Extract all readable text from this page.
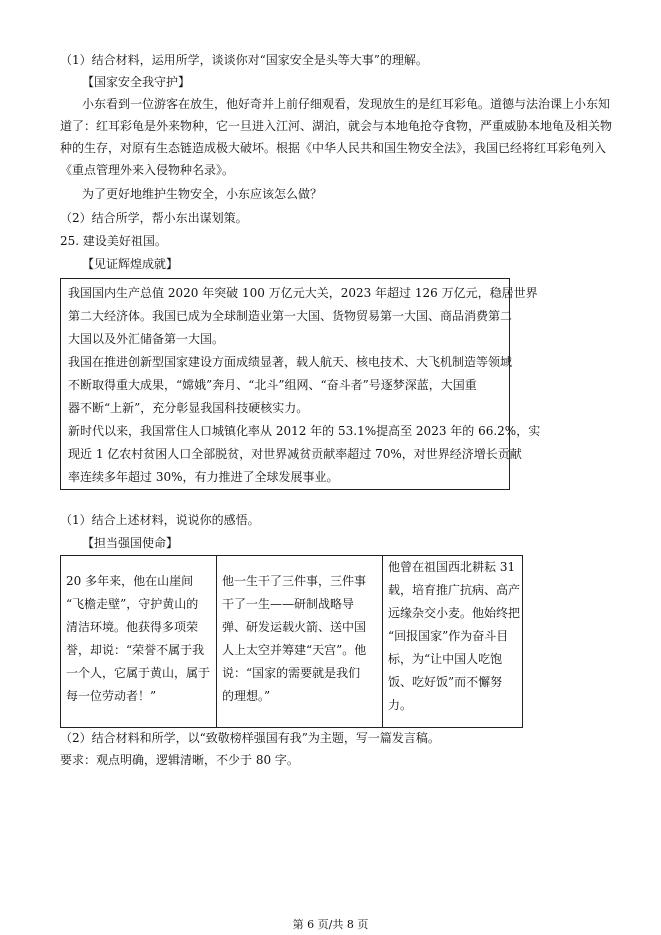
（1）结合材料，运用所学，谈谈你对“国家安全是头等大事”的理解。
【国家安全我守护】
小东看到一位游客在放生，他好奇并上前仔细观看，发现放生的是红耳彩龟。道德与法治课上小东知
道了：红耳彩龟是外来物种，它一旦进入江河、湖泊，就会与本地龟抢夺食物，严重威胁本地龟及相关物
种的生存，对原有生态链造成极大破坏。根据《中华人民共和国生物安全法》，我国已经将红耳彩龟列入
《重点管理外来入侵物种名录》。
为了更好地维护生物安全，小东应该怎么做？
（2）结合所学，帮小东出谋划策。
25. 建设美好祖国。
【见证辉煌成就】
我国国内生产总值 2020 年突破 100 万亿元大关，2023 年超过 126 万亿元，稳居世界
第二大经济体。我国已成为全球制造业第一大国、货物贸易第一大国、商品消费第二
大国以及外汇储备第一大国。
我国在推进创新型国家建设方面成绩显著，载人航天、核电技术、大飞机制造等领域
不断取得重大成果，“嫦娥”奔月、“北斗”组网、“奋斗者”号逐梦深蓝，大国重
器不断“上新”，充分彰显我国科技硬核实力。
新时代以来，我国常住人口城镇化率从 2012 年的 53.1%提高至 2023 年的 66.2%，实
现近 1 亿农村贫困人口全部脱贫，对世界减贫贡献率超过 70%，对世界经济增长贡献
率连续多年超过 30%，有力推进了全球发展事业。
（1）结合上述材料，说说你的感悟。
【担当强国使命】
20 多年来，他在山崖间
“飞檐走壁”，守护黄山的
清洁环境。他获得多项荣
誉，却说：“荣誉不属于我
一个人，它属于黄山，属于
每一位劳动者！”

他一生干了三件事，三件事
干了一生——研制战略导
弹、研发运载火箭、送中国
人上太空并筹建“天宫”。他
说：“国家的需要就是我们
的理想。”

他曾在祖国西北耕耘 31
载，培育推广抗病、高产
远缘杂交小麦。他始终把
“回报国家”作为奋斗目
标，为“让中国人吃饱
饭、吃好饭”而不懈努
力。
（2）结合材料和所学，以“致敬榜样强国有我”为主题，写一篇发言稿。
要求：观点明确，逻辑清晰，不少于 80 字。
第 6 页/共 8 页
